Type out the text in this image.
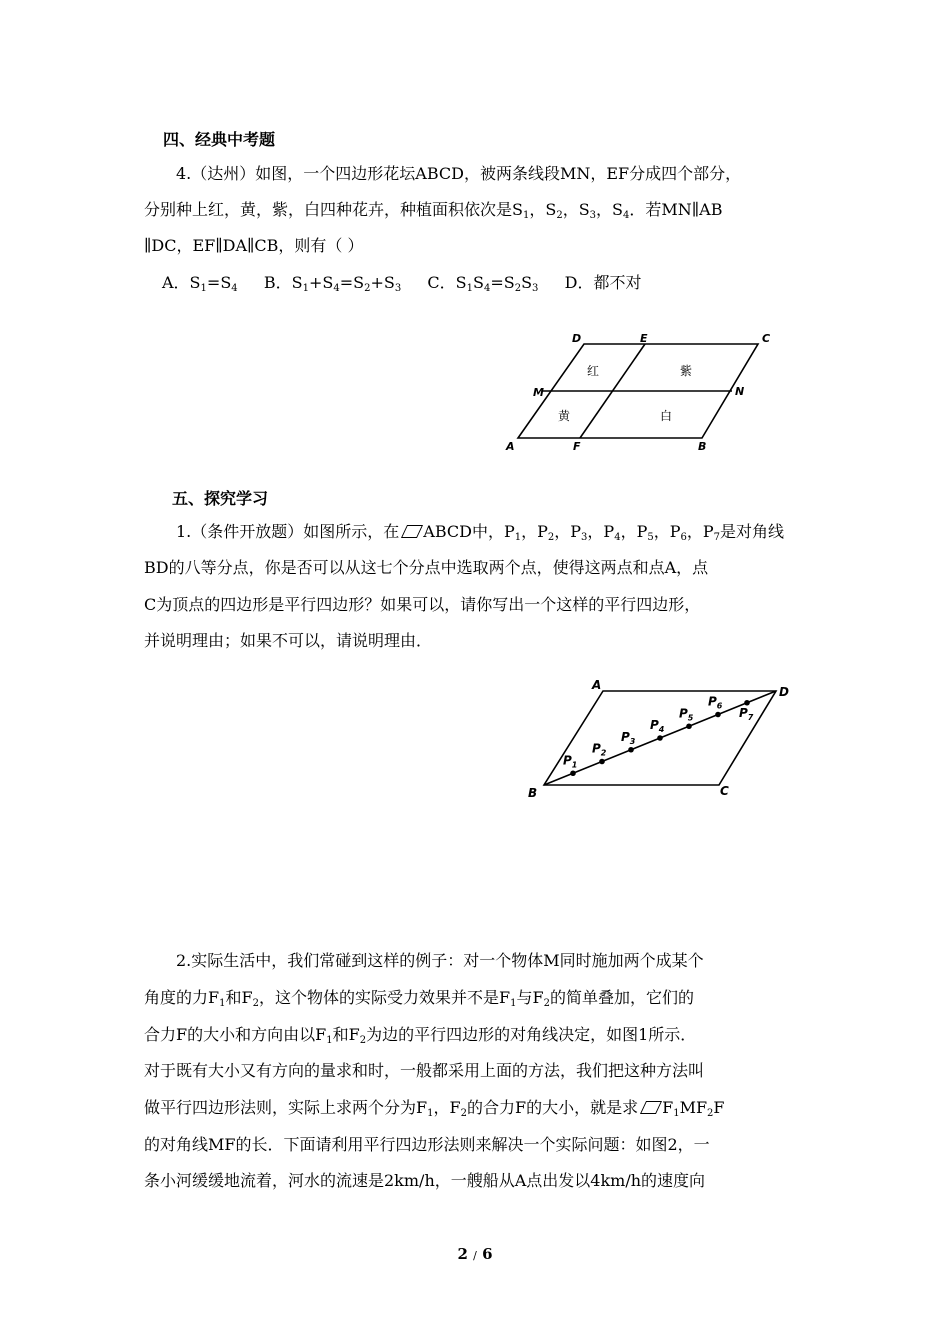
四、经典中考题
4.（达州）如图，一个四边形花坛ABCD，被两条线段MN，EF分成四个部分，
分别种上红，黄，紫，白四种花卉，种植面积依次是$S_1$，$S_2$，$S_3$，$S_4$．若MN∥AB
∥DC，EF∥DA∥CB，则有（ ）
A．$S_1=S_4$ B．$S_1+S_4=S_2+S_3$ C．$S_1S_4=S_2S_3$ D．都不对
D	E	C
M	N
A	F	B
红	紫
黄	白
五、探究学习
1.（条件开放题）如图所示，在 ABCD中，$P_1$，$P_2$，$P_3$，$P_4$，$P_5$，$P_6$，$P_7$是对角线
BD的八等分点，你是否可以从这七个分点中选取两个点，使得这两点和点A，点
C为顶点的四边形是平行四边形？如果可以，请你写出一个这样的平行四边形，
并说明理由；如果不可以，请说明理由．
A	D
B	C
$P_1$
$P_2$
$P_3$
$P_4$
$P_5$
$P_6$ $P_7$
2.实际生活中，我们常碰到这样的例子：对一个物体M同时施加两个成某个
角度的力$F_1$和$F_2$，这个物体的实际受力效果并不是$F_1$与$F_2$的简单叠加，它们的
合力F的大小和方向由以$F_1$和$F_2$为边的平行四边形的对角线决定，如图1所示．
对于既有大小又有方向的量求和时，一般都采用上面的方法，我们把这种方法叫
做平行四边形法则，实际上求两个分为$F_1$，$F_2$的合力F的大小，就是求 $F_1MF_2F$
的对角线MF的长．下面请利用平行四边形法则来解决一个实际问题：如图2，一
条小河缓缓地流着，河水的流速是2km/h，一艘船从A点出发以4km/h的速度向
2 / 6
